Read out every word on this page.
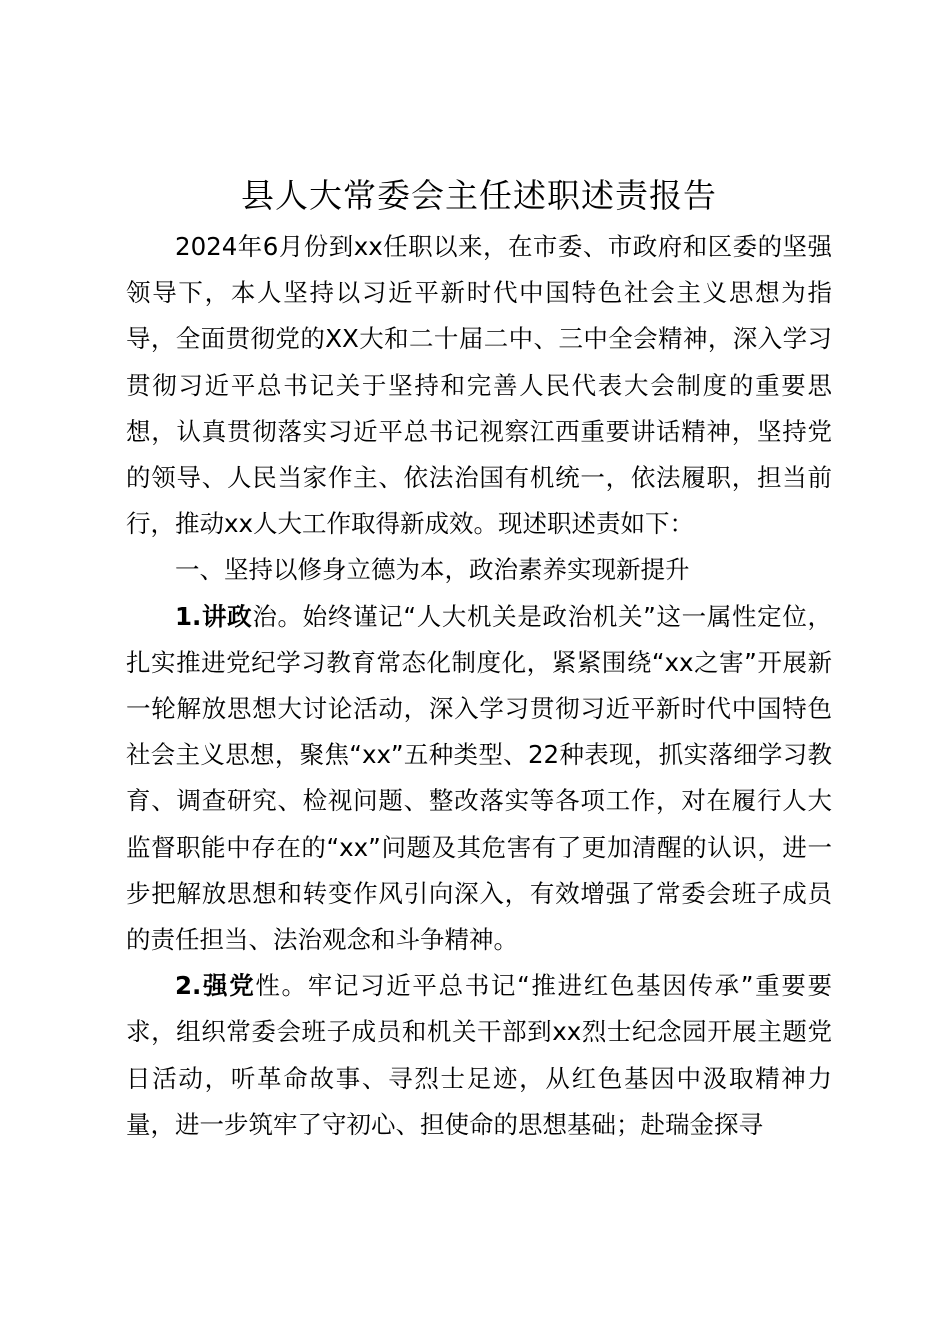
县人大常委会主任述职述责报告

2024年6月份到xx任职以来，在市委、市政府和区委的坚强领导下，本人坚持以习近平新时代中国特色社会主义思想为指导，全面贯彻党的XX大和二十届二中、三中全会精神，深入学习贯彻习近平总书记关于坚持和完善人民代表大会制度的重要思想，认真贯彻落实习近平总书记视察江西重要讲话精神，坚持党的领导、人民当家作主、依法治国有机统一，依法履职，担当前行，推动xx人大工作取得新成效。现述职述责如下：

一、坚持以修身立德为本，政治素养实现新提升

1.讲政治。始终谨记“人大机关是政治机关”这一属性定位，扎实推进党纪学习教育常态化制度化，紧紧围绕“xx之害”开展新一轮解放思想大讨论活动，深入学习贯彻习近平新时代中国特色社会主义思想，聚焦“xx”五种类型、22种表现，抓实落细学习教育、调查研究、检视问题、整改落实等各项工作，对在履行人大监督职能中存在的“xx”问题及其危害有了更加清醒的认识，进一步把解放思想和转变作风引向深入，有效增强了常委会班子成员的责任担当、法治观念和斗争精神。

2.强党性。牢记习近平总书记“推进红色基因传承”重要要求，组织常委会班子成员和机关干部到xx烈士纪念园开展主题党日活动，听革命故事、寻烈士足迹，从红色基因中汲取精神力量，进一步筑牢了守初心、担使命的思想基础；赴瑞金探寻
